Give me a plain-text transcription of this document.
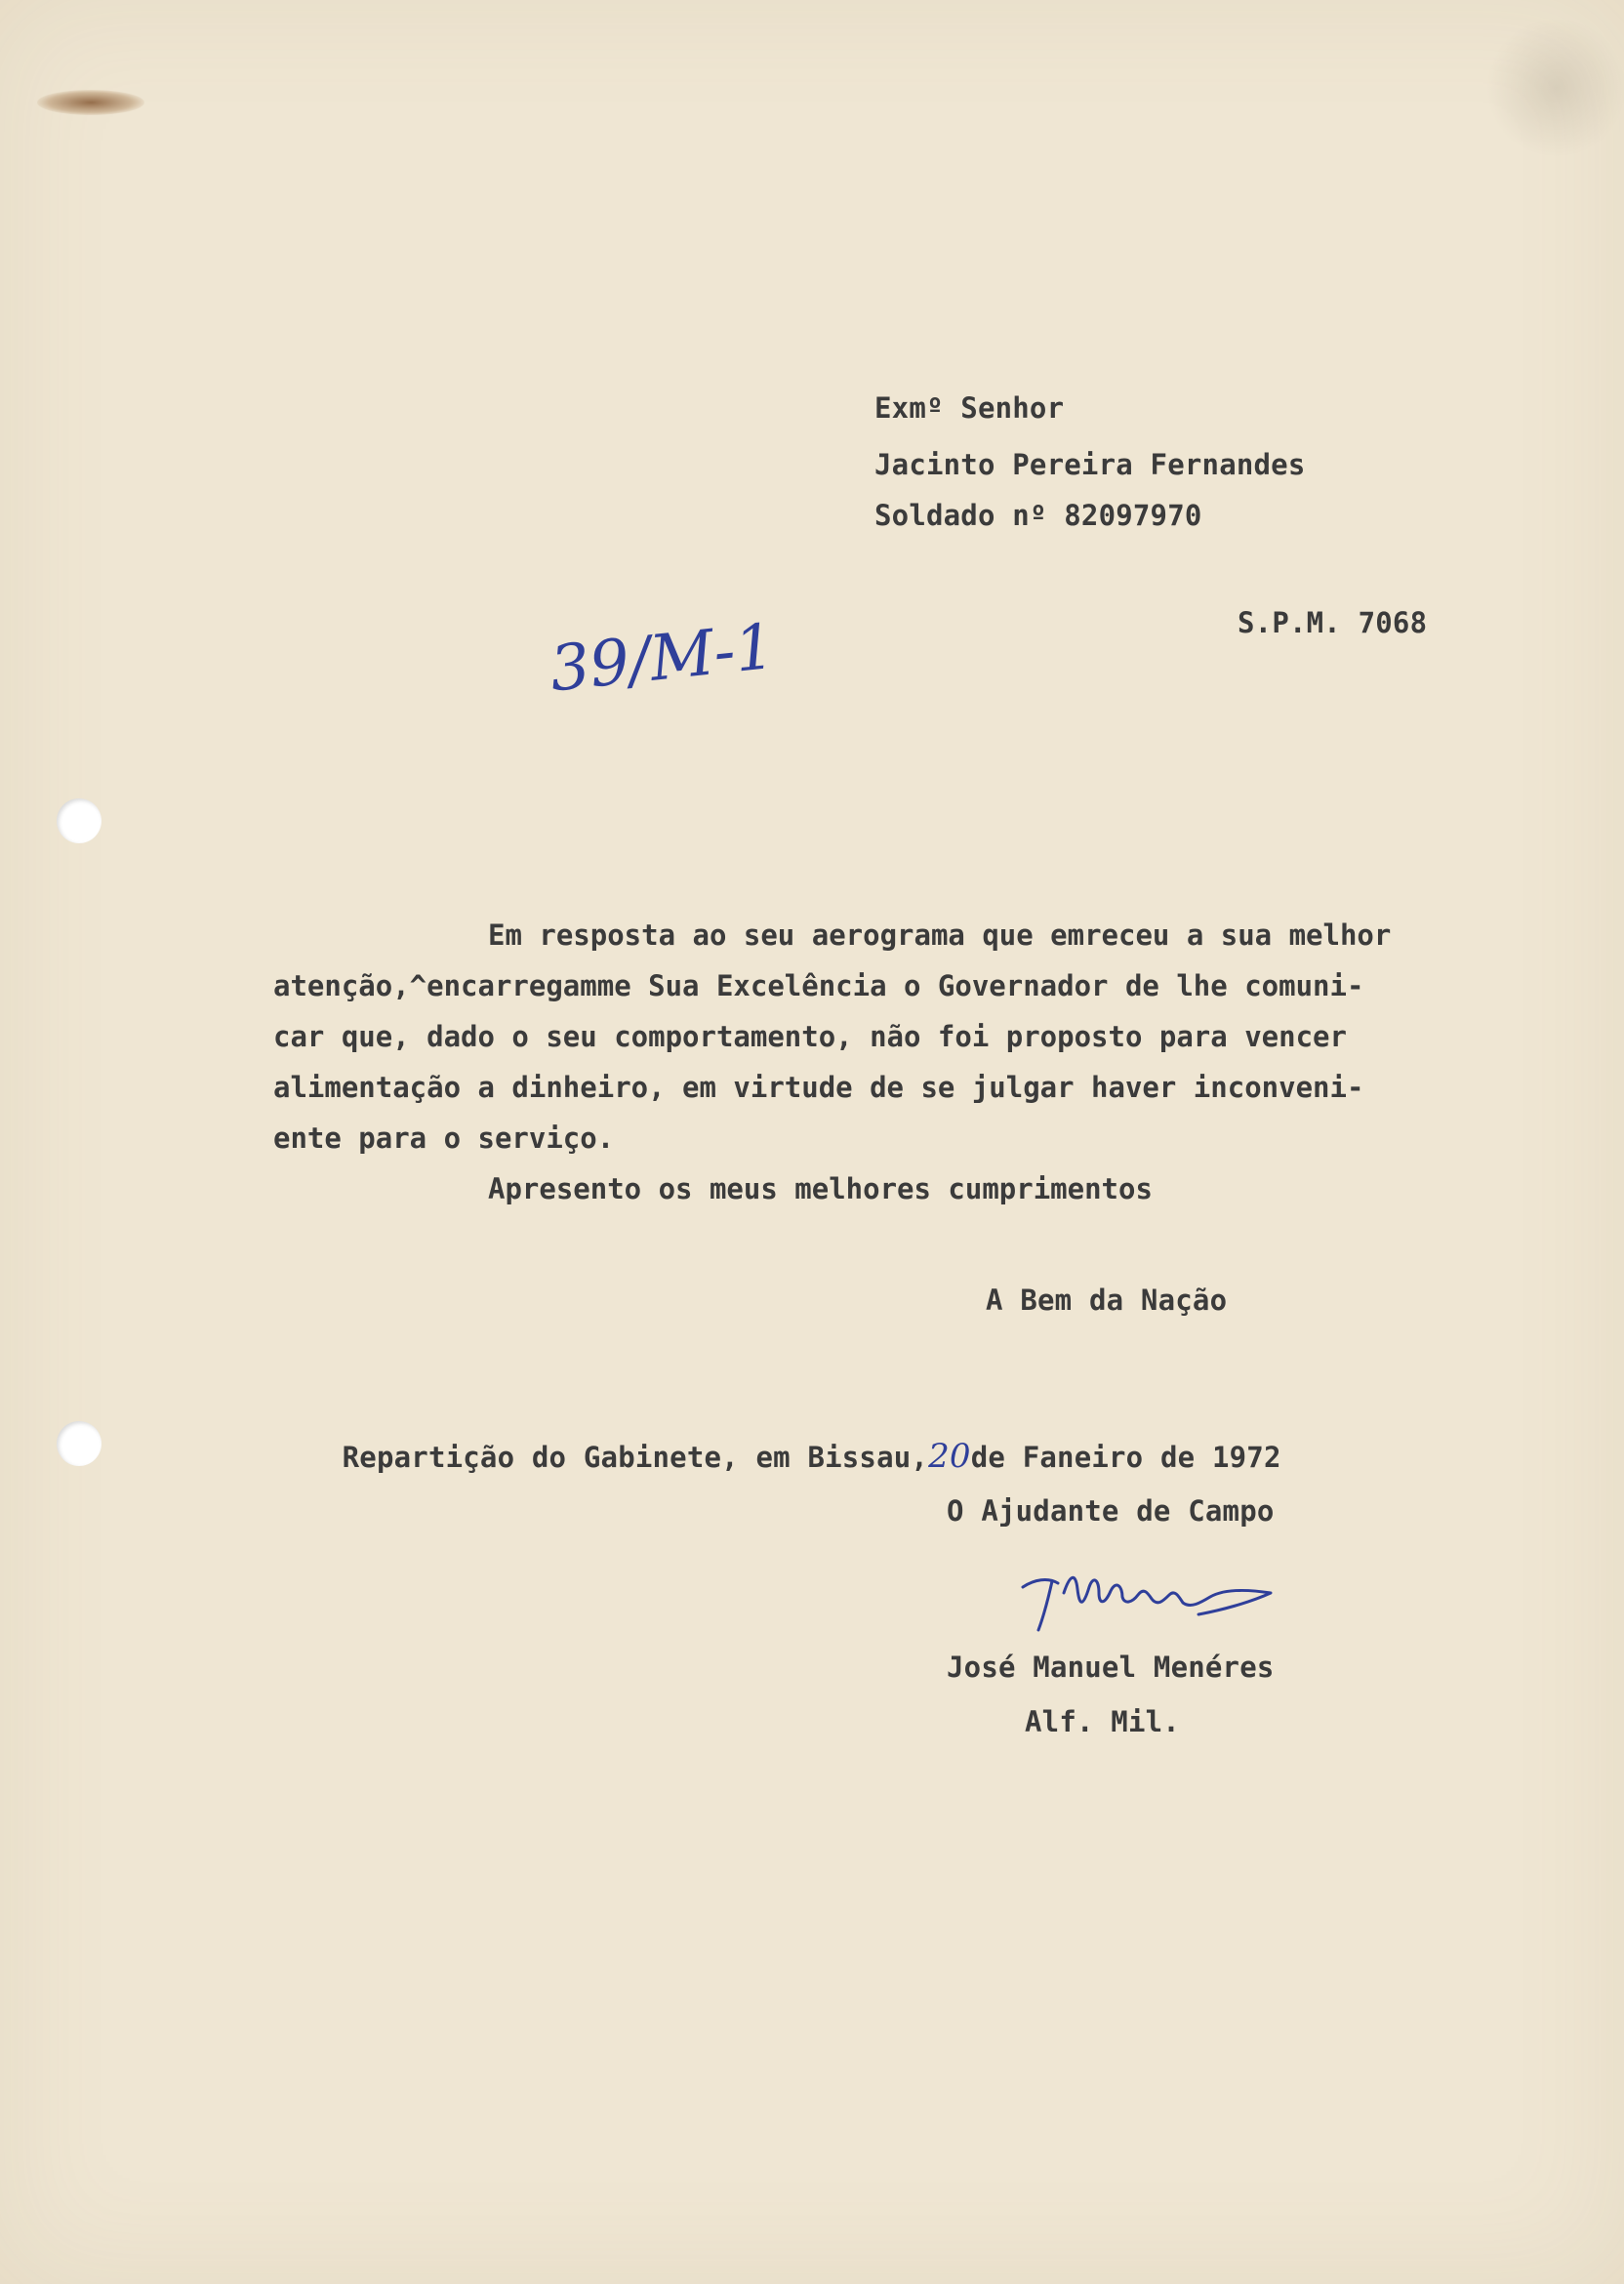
Exmº Senhor
Jacinto Pereira Fernandes
Soldado nº 82097970
S.P.M. 7068
39/M-1
Em resposta ao seu aerograma que emreceu a sua melhor
atenção,^encarregamme Sua Excelência o Governador de lhe comuni-
car que, dado o seu comportamento, não foi proposto para vencer
alimentação a dinheiro, em virtude de se julgar haver inconveni-
ente para o serviço.
Apresento os meus melhores cumprimentos
A Bem da Nação

Repartição do Gabinete, em Bissau,20de Faneiro de 1972

O Ajudante de Campo
José Manuel Menéres
Alf. Mil.
